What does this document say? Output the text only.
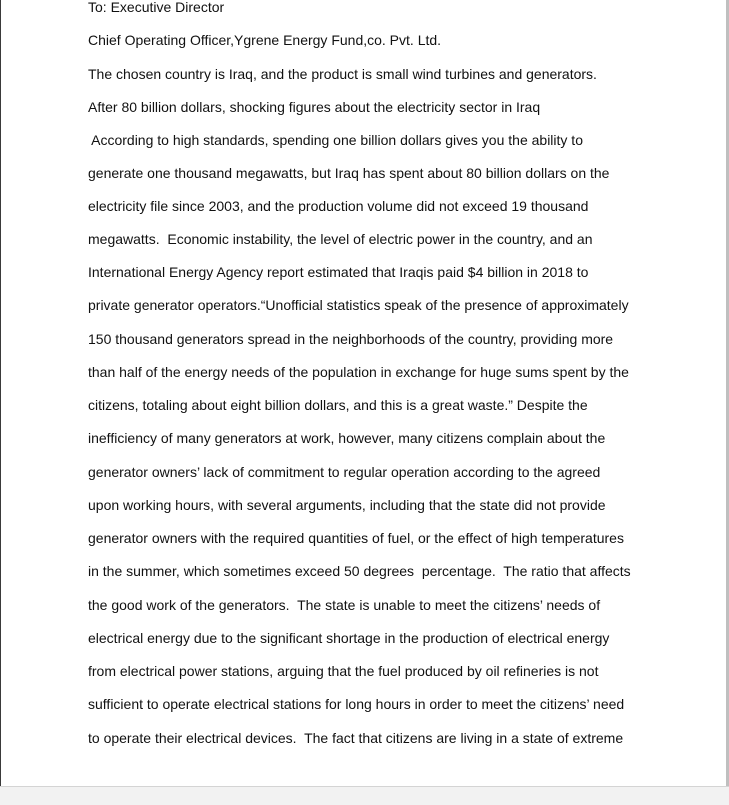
To: Executive Director
Chief Operating Officer,Ygrene Energy Fund,co. Pvt. Ltd.
The chosen country is Iraq, and the product is small wind turbines and generators.
After 80 billion dollars, shocking figures about the electricity sector in Iraq
According to high standards, spending one billion dollars gives you the ability to
generate one thousand megawatts, but Iraq has spent about 80 billion dollars on the
electricity file since 2003, and the production volume did not exceed 19 thousand
megawatts.  Economic instability, the level of electric power in the country, and an
International Energy Agency report estimated that Iraqis paid $4 billion in 2018 to
private generator operators.“Unofficial statistics speak of the presence of approximately
150 thousand generators spread in the neighborhoods of the country, providing more
than half of the energy needs of the population in exchange for huge sums spent by the
citizens, totaling about eight billion dollars, and this is a great waste.” Despite the
inefficiency of many generators at work, however, many citizens complain about the
generator owners’ lack of commitment to regular operation according to the agreed
upon working hours, with several arguments, including that the state did not provide
generator owners with the required quantities of fuel, or the effect of high temperatures
in the summer, which sometimes exceed 50 degrees  percentage.  The ratio that affects
the good work of the generators.  The state is unable to meet the citizens’ needs of
electrical energy due to the significant shortage in the production of electrical energy
from electrical power stations, arguing that the fuel produced by oil refineries is not
sufficient to operate electrical stations for long hours in order to meet the citizens’ need
to operate their electrical devices.  The fact that citizens are living in a state of extreme
